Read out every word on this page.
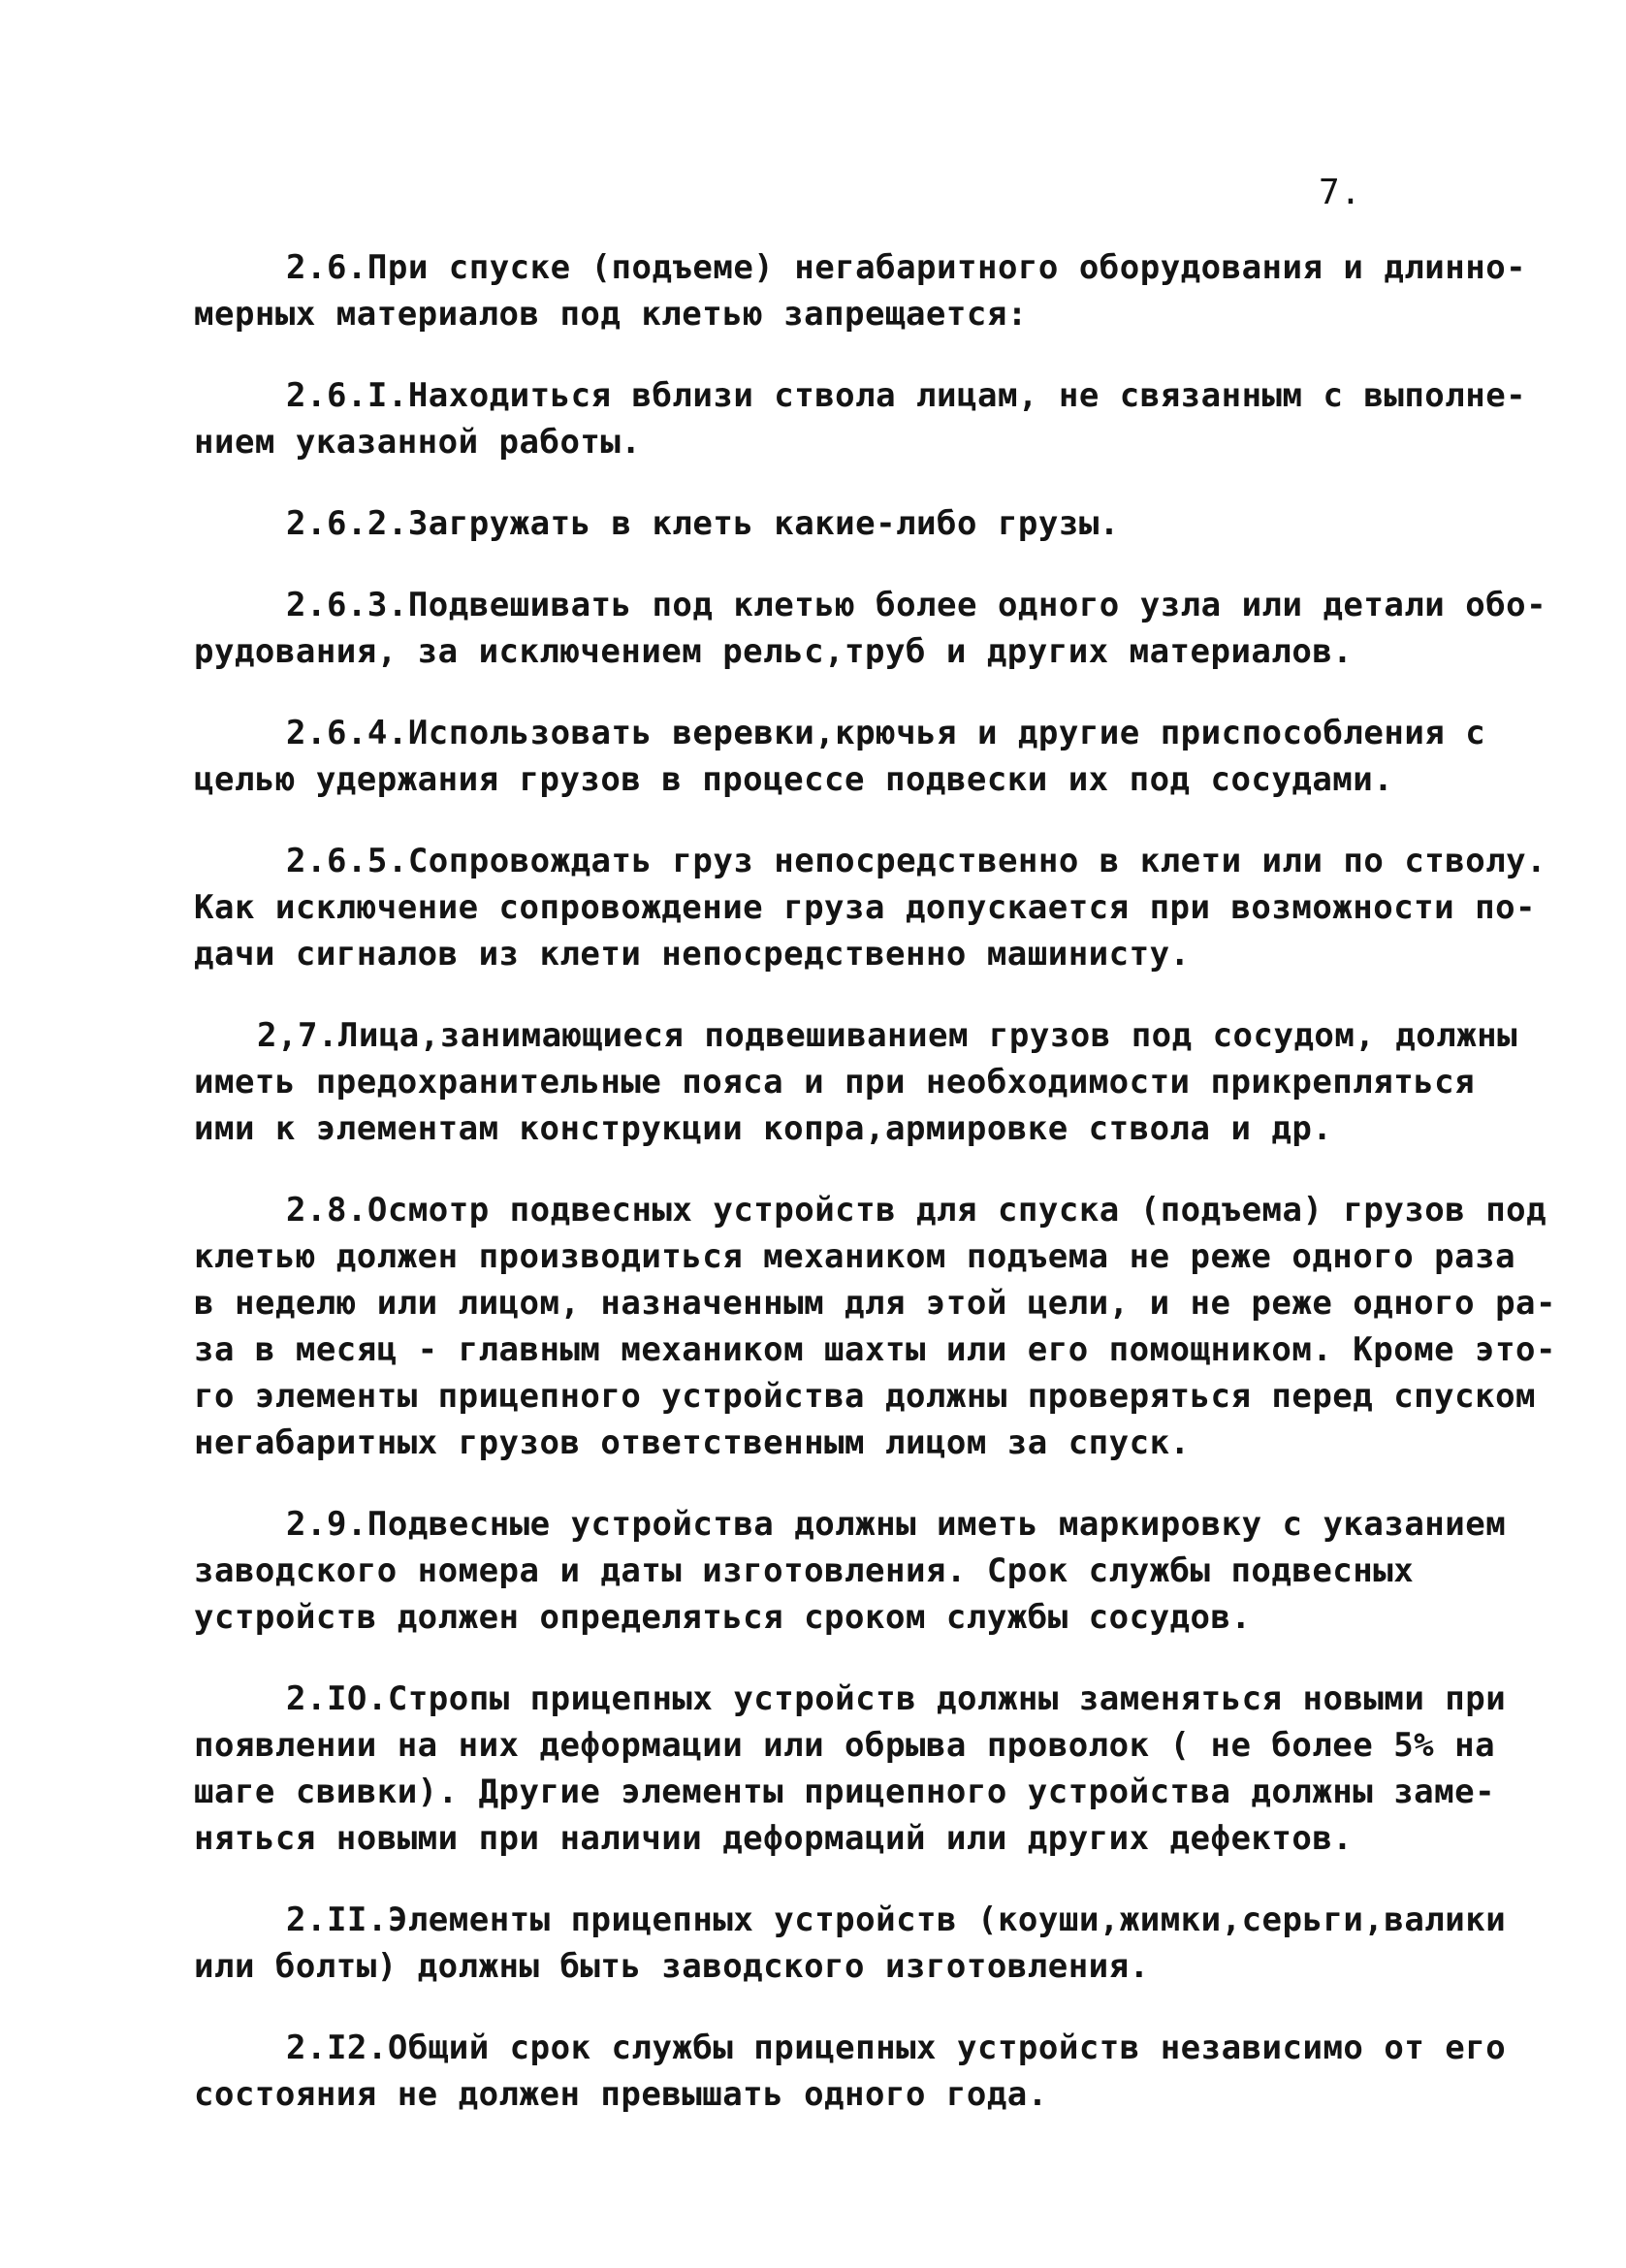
7.
2.6.При спуске (подъеме) негабаритного оборудования и длинно-
мерных материалов под клетью запрещается:
2.6.I.Находиться вблизи ствола лицам, не связанным с выполне-
нием указанной работы.
2.6.2.Загружать в клеть какие-либо грузы.
2.6.3.Подвешивать под клетью более одного узла или детали обо-
рудования, за исключением рельс,труб и других материалов.
2.6.4.Использовать веревки,крючья и другие приспособления с
целью удержания грузов в процессе подвески их под сосудами.
2.6.5.Сопровождать груз непосредственно в клети или по стволу.
Как исключение сопровождение груза допускается при возможности по-
дачи сигналов из клети непосредственно машинисту.
2,7.Лица,занимающиеся подвешиванием грузов под сосудом, должны
иметь предохранительные пояса и при необходимости прикрепляться
ими к элементам конструкции копра,армировке ствола и др.
2.8.Осмотр подвесных устройств для спуска (подъема) грузов под
клетью должен производиться механиком подъема не реже одного раза
в неделю или лицом, назначенным для этой цели, и не реже одного ра-
за в месяц - главным механиком шахты или его помощником. Кроме это-
го элементы прицепного устройства должны проверяться перед спуском
негабаритных грузов ответственным лицом за спуск.
2.9.Подвесные устройства должны иметь маркировку с указанием
заводского номера и даты изготовления. Срок службы подвесных
устройств должен определяться сроком службы сосудов.
2.IO.Стропы прицепных устройств должны заменяться новыми при
появлении на них деформации или обрыва проволок ( не более 5% на
шаге свивки). Другие элементы прицепного устройства должны заме-
няться новыми при наличии деформаций или других дефектов.
2.II.Элементы прицепных устройств (коуши,жимки,серьги,валики
или болты) должны быть заводского изготовления.
2.I2.Общий срок службы прицепных устройств независимо от его
состояния не должен превышать одного года.
